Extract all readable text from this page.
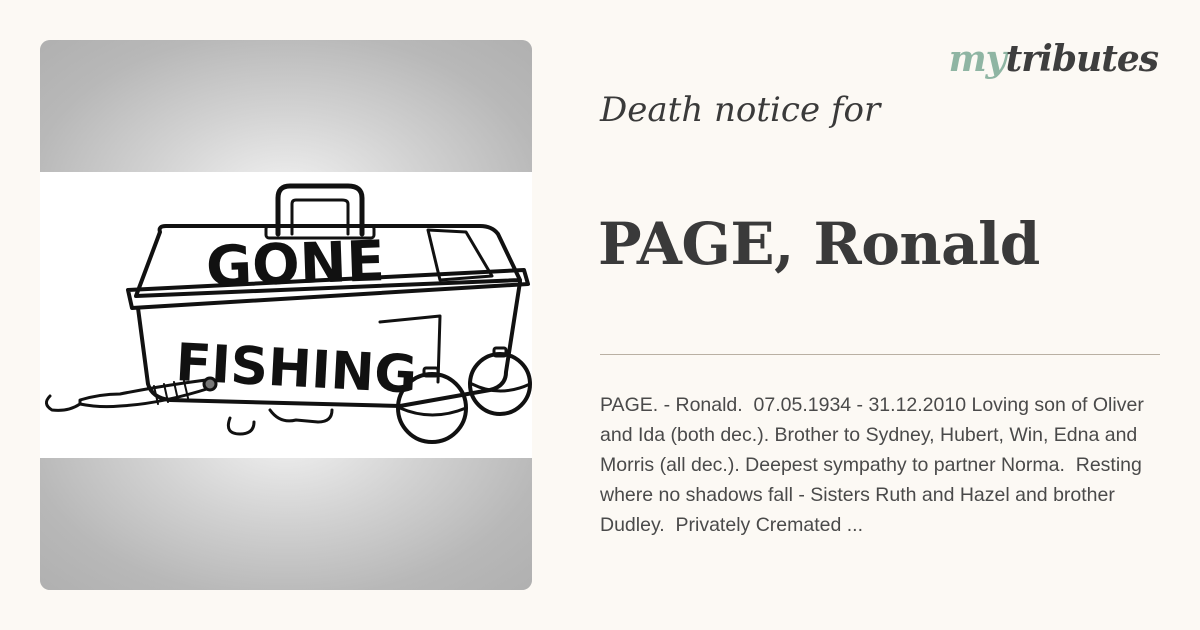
GONE
FISHING
mytributes
Death notice for
PAGE, Ronald
PAGE. - Ronald.  07.05.1934 - 31.12.2010 Loving son of Oliver and Ida (both dec.). Brother to Sydney, Hubert, Win, Edna and Morris (all dec.). Deepest sympathy to partner Norma.  Resting where no shadows fall - Sisters Ruth and Hazel and brother Dudley.  Privately Cremated ...
